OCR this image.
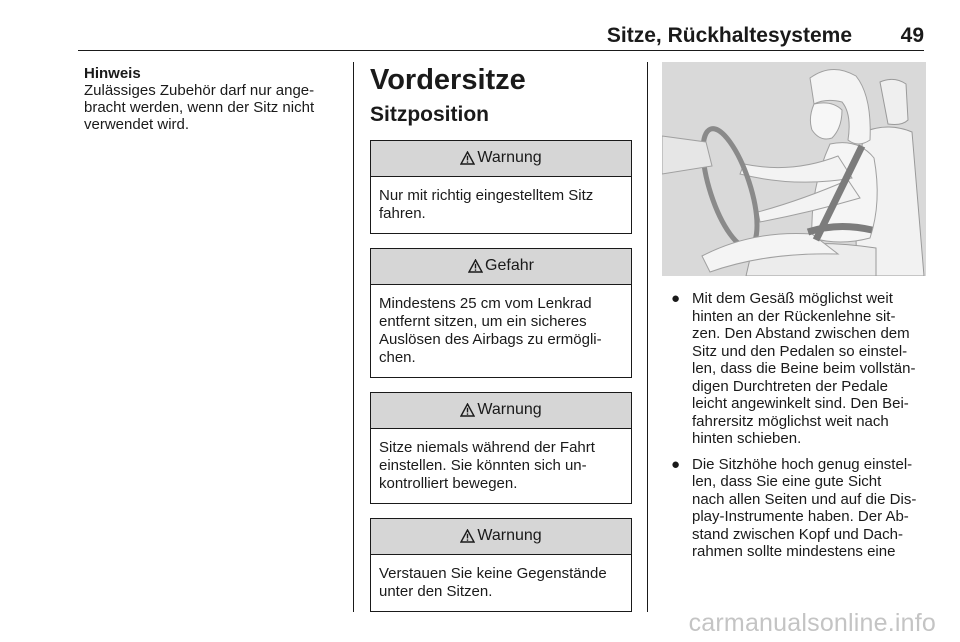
Sitze, Rückhaltesysteme 49
Hinweis
Zulässiges Zubehör darf nur ange-
bracht werden, wenn der Sitz nicht
verwendet wird.
Vordersitze
Sitzposition
Warnung
Nur mit richtig eingestelltem Sitz
fahren.
Gefahr
Mindestens 25 cm vom Lenkrad
entfernt sitzen, um ein sicheres
Auslösen des Airbags zu ermögli-
chen.
Warnung
Sitze niemals während der Fahrt
einstellen. Sie könnten sich un-
kontrolliert bewegen.
Warnung
Verstauen Sie keine Gegenstände
unter den Sitzen.
● Mit dem Gesäß möglichst weit
hinten an der Rückenlehne sit-
zen. Den Abstand zwischen dem
Sitz und den Pedalen so einstel-
len, dass die Beine beim vollstän-
digen Durchtreten der Pedale
leicht angewinkelt sind. Den Bei-
fahrersitz möglichst weit nach
hinten schieben.
● Die Sitzhöhe hoch genug einstel-
len, dass Sie eine gute Sicht
nach allen Seiten und auf die Dis-
play-Instrumente haben. Der Ab-
stand zwischen Kopf und Dach-
rahmen sollte mindestens eine
carmanualsonline.info
